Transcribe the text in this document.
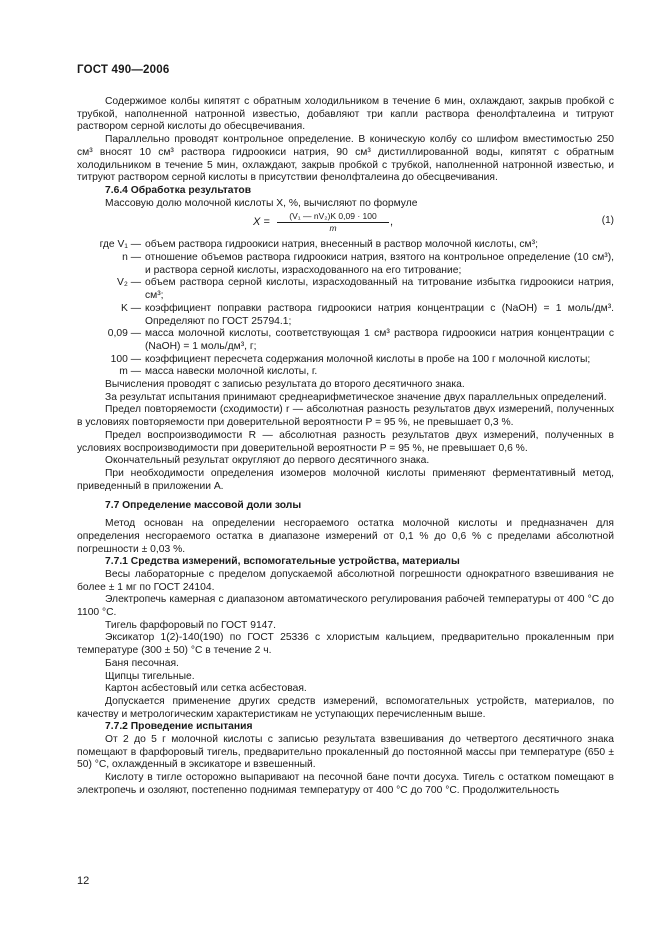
ГОСТ 490—2006

Содержимое колбы кипятят с обратным холодильником в течение 6 мин, охлаждают, закрыв пробкой с трубкой, наполненной натронной известью, добавляют три капли раствора фенолфталеина и титруют раствором серной кислоты до обесцвечивания.

Параллельно проводят контрольное определение. В коническую колбу со шлифом вместимостью 250 см³ вносят 10 см³ раствора гидроокиси натрия, 90 см³ дистиллированной воды, кипятят с обратным холодильником в течение 5 мин, охлаждают, закрыв пробкой с трубкой, наполненной натронной известью, и титруют раствором серной кислоты в присутствии фенолфталеина до обесцвечивания.

7.6.4 Обработка результатов

Массовую долю молочной кислоты X, %, вычисляют по формуле

$X = \frac{\text{(V₁ — nV₂)K 0,09 · 100}}{m}$ ,	(1)
где V₁ — объем раствора гидроокиси натрия, внесенный в раствор молочной кислоты, см³;
n — отношение объемов раствора гидроокиси натрия, взятого на контрольное определение (10 см³), и раствора серной кислоты, израсходованного на его титрование;
V₂ — объем раствора серной кислоты, израсходованный на титрование избытка гидроокиси натрия, см³;
K — коэффициент поправки раствора гидроокиси натрия концентрации c (NaOH) = 1 моль/дм³. Определяют по ГОСТ 25794.1;
0,09 — масса молочной кислоты, соответствующая 1 см³ раствора гидроокиси натрия концентрации c (NaOH) = 1 моль/дм³, г;
100 — коэффициент пересчета содержания молочной кислоты в пробе на 100 г молочной кислоты;
m — масса навески молочной кислоты, г.

Вычисления проводят с записью результата до второго десятичного знака.

За результат испытания принимают среднеарифметическое значение двух параллельных определений.

Предел повторяемости (сходимости) r — абсолютная разность результатов двух измерений, полученных в условиях повторяемости при доверительной вероятности P = 95 %, не превышает 0,3 %.

Предел воспроизводимости R — абсолютная разность результатов двух измерений, полученных в условиях воспроизводимости при доверительной вероятности P = 95 %, не превышает 0,6 %.

Окончательный результат округляют до первого десятичного знака.

При необходимости определения изомеров молочной кислоты применяют ферментативный метод, приведенный в приложении А.

7.7 Определение массовой доли золы

Метод основан на определении несгораемого остатка молочной кислоты и предназначен для определения несгораемого остатка в диапазоне измерений от 0,1 % до 0,6 % с пределами абсолютной погрешности ± 0,03 %.

7.7.1 Средства измерений, вспомогательные устройства, материалы

Весы лабораторные с пределом допускаемой абсолютной погрешности однократного взвешивания не более ± 1 мг по ГОСТ 24104.

Электропечь камерная с диапазоном автоматического регулирования рабочей температуры от 400 °С до 1100 °С.

Тигель фарфоровый по ГОСТ 9147.

Эксикатор 1(2)-140(190) по ГОСТ 25336 с хлористым кальцием, предварительно прокаленным при температуре (300 ± 50) °С в течение 2 ч.

Баня песочная.

Щипцы тигельные.

Картон асбестовый или сетка асбестовая.

Допускается применение других средств измерений, вспомогательных устройств, материалов, по качеству и метрологическим характеристикам не уступающих перечисленным выше.

7.7.2 Проведение испытания

От 2 до 5 г молочной кислоты с записью результата взвешивания до четвертого десятичного знака помещают в фарфоровый тигель, предварительно прокаленный до постоянной массы при температуре (650 ± 50) °С, охлажденный в эксикаторе и взвешенный.

Кислоту в тигле осторожно выпаривают на песочной бане почти досуха. Тигель с остатком помещают в электропечь и озоляют, постепенно поднимая температуру от 400 °С до 700 °С. Продолжительность

12
